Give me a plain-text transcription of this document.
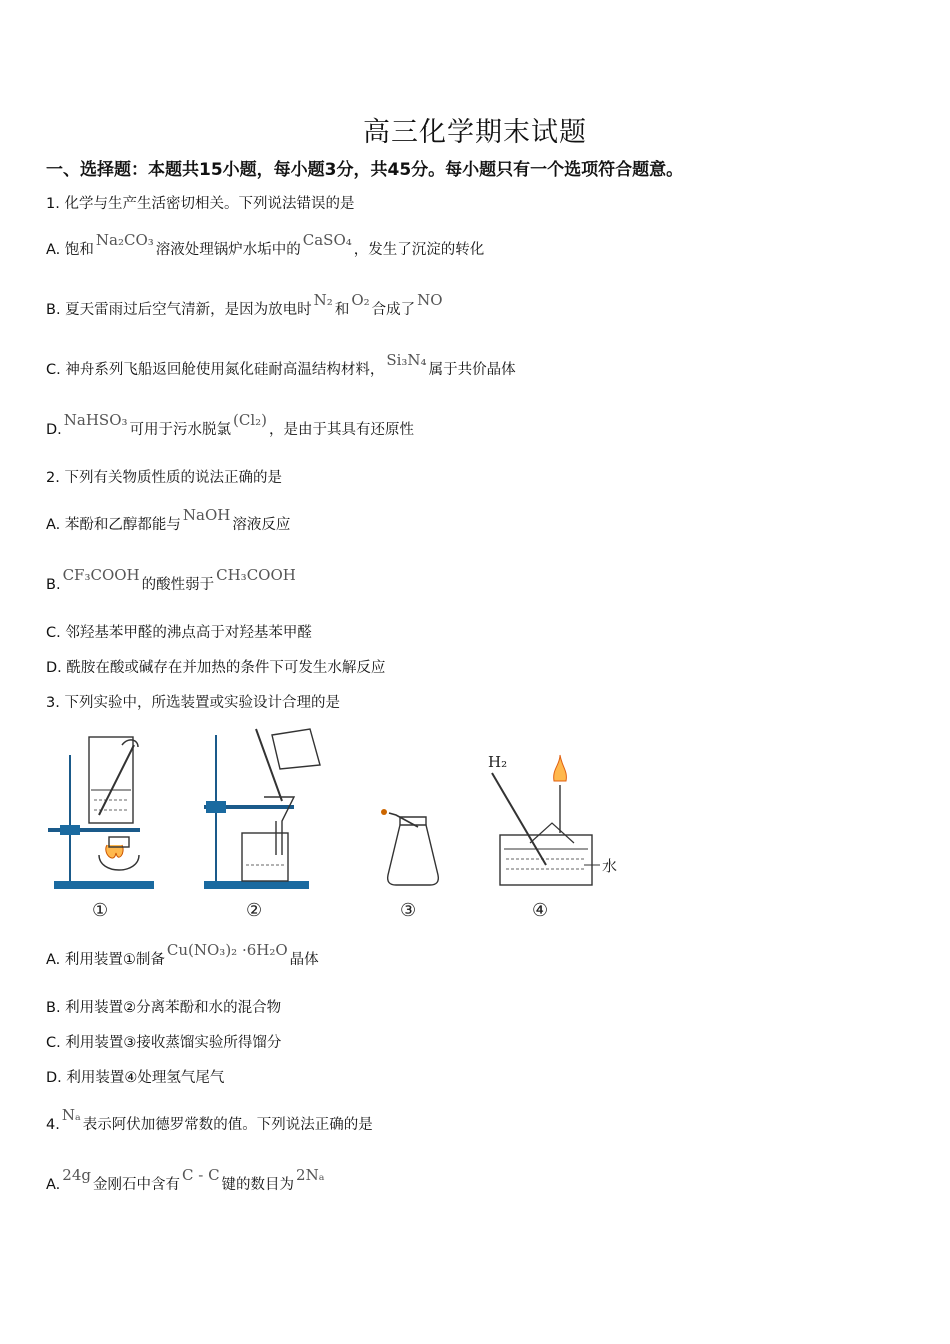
高三化学期末试题
一、选择题：本题共15小题，每小题3分，共45分。每小题只有一个选项符合题意。
1. 化学与生产生活密切相关。下列说法错误的是
A. 饱和Na₂CO₃溶液处理锅炉水垢中的CaSO₄，发生了沉淀的转化
B. 夏天雷雨过后空气清新，是因为放电时N₂和O₂合成了NO
C. 神舟系列飞船返回舱使用氮化硅耐高温结构材料，Si₃N₄属于共价晶体
D.NaHSO₃可用于污水脱氯(Cl₂)，是由于其具有还原性
2. 下列有关物质性质的说法正确的是
A. 苯酚和乙醇都能与NaOH溶液反应
B.CF₃COOH的酸性弱于CH₃COOH
C. 邻羟基苯甲醛的沸点高于对羟基苯甲醛
D. 酰胺在酸或碱存在并加热的条件下可发生水解反应
3. 下列实验中，所选装置或实验设计合理的是
H₂
水
①	②	③	④
A. 利用装置①制备Cu(NO₃)₂ ·6H₂O晶体
B. 利用装置②分离苯酚和水的混合物
C. 利用装置③接收蒸馏实验所得馏分
D. 利用装置④处理氢气尾气
4.Nₐ表示阿伏加德罗常数的值。下列说法正确的是
A.24g金刚石中含有C - C键的数目为2Nₐ
